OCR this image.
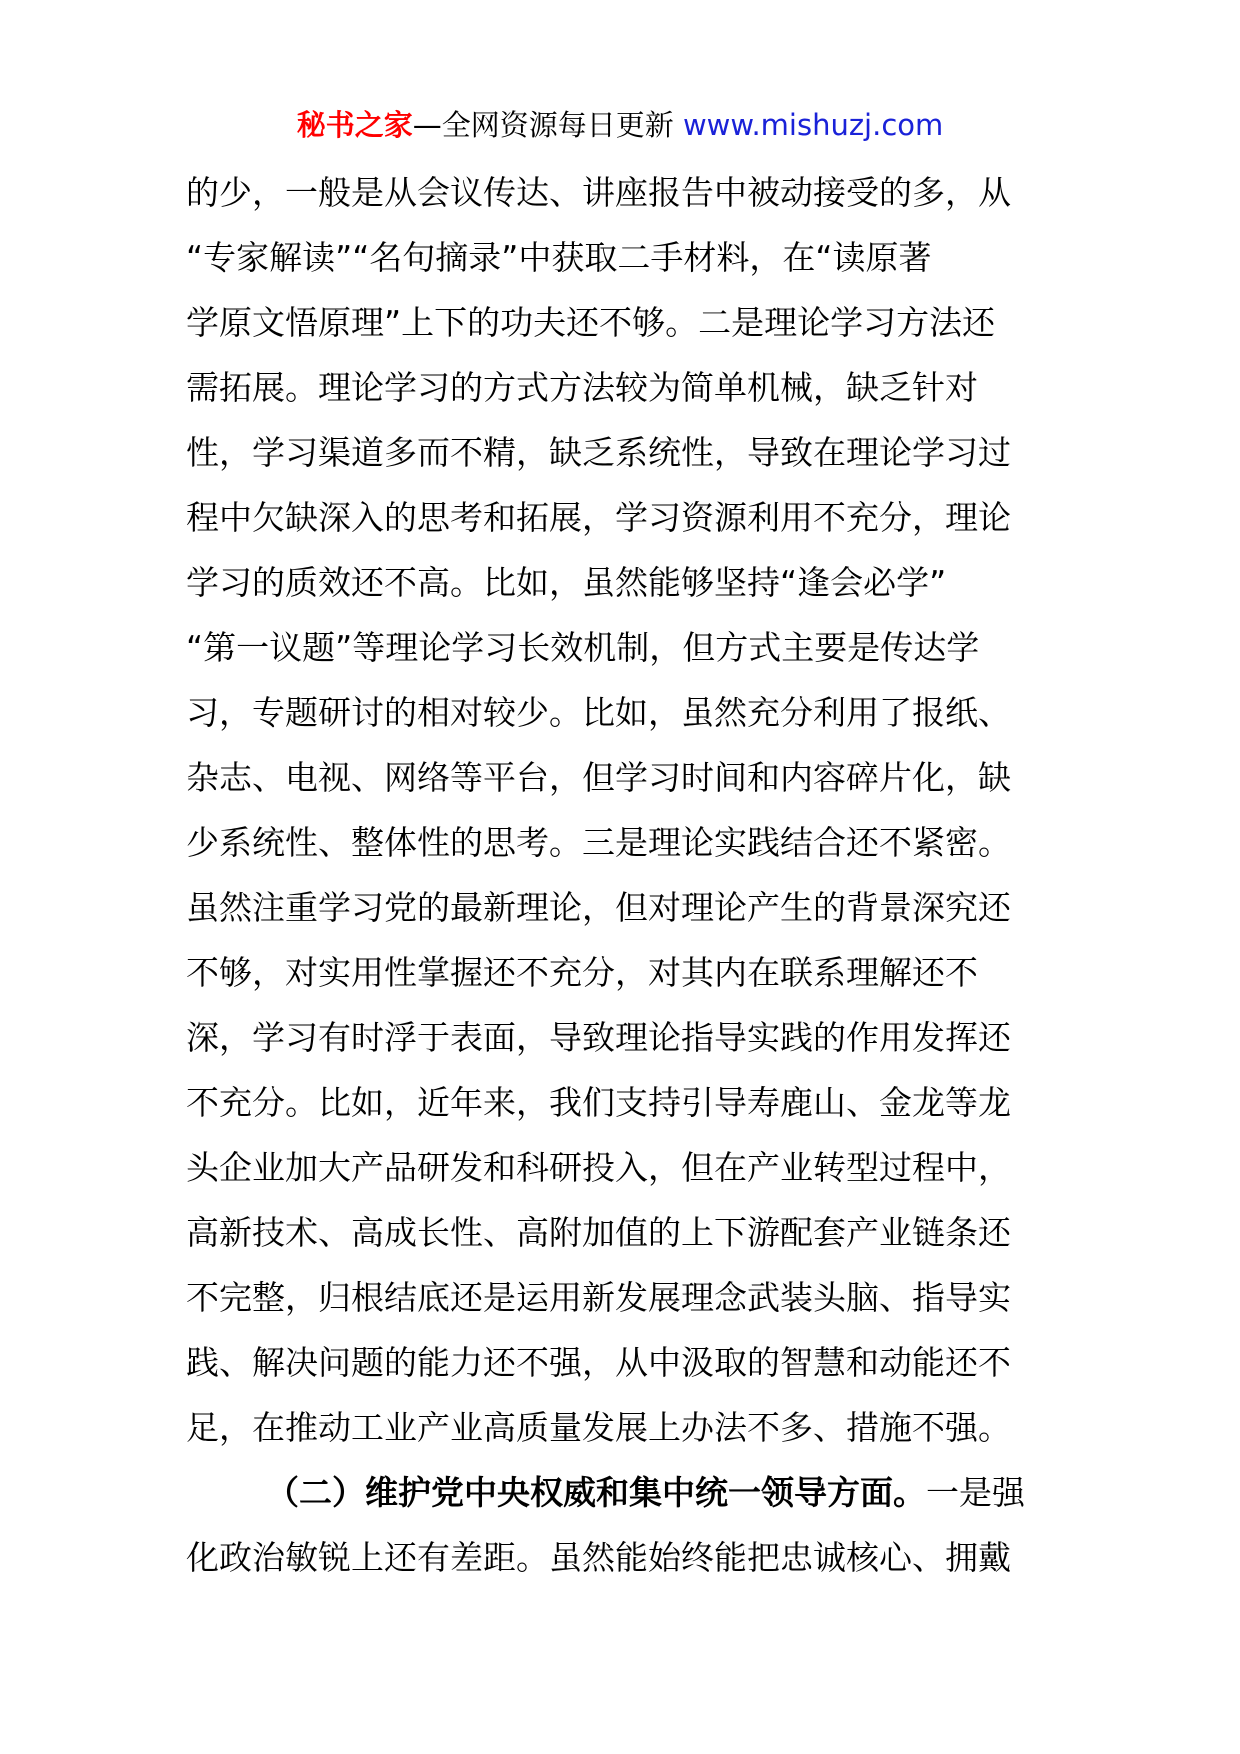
秘书之家—全网资源每日更新 www.mishuzj.com
的少，一般是从会议传达、讲座报告中被动接受的多，从
“专家解读”“名句摘录”中获取二手材料，在“读原著
学原文悟原理”上下的功夫还不够。二是理论学习方法还
需拓展。理论学习的方式方法较为简单机械，缺乏针对
性，学习渠道多而不精，缺乏系统性，导致在理论学习过
程中欠缺深入的思考和拓展，学习资源利用不充分，理论
学习的质效还不高。比如，虽然能够坚持“逢会必学”
“第一议题”等理论学习长效机制，但方式主要是传达学
习，专题研讨的相对较少。比如，虽然充分利用了报纸、
杂志、电视、网络等平台，但学习时间和内容碎片化，缺
少系统性、整体性的思考。三是理论实践结合还不紧密。
虽然注重学习党的最新理论，但对理论产生的背景深究还
不够，对实用性掌握还不充分，对其内在联系理解还不
深，学习有时浮于表面，导致理论指导实践的作用发挥还
不充分。比如，近年来，我们支持引导寿鹿山、金龙等龙
头企业加大产品研发和科研投入，但在产业转型过程中，
高新技术、高成长性、高附加值的上下游配套产业链条还
不完整，归根结底还是运用新发展理念武装头脑、指导实
践、解决问题的能力还不强，从中汲取的智慧和动能还不
足，在推动工业产业高质量发展上办法不多、措施不强。
（二）维护党中央权威和集中统一领导方面。一是强
化政治敏锐上还有差距。虽然能始终能把忠诚核心、拥戴
